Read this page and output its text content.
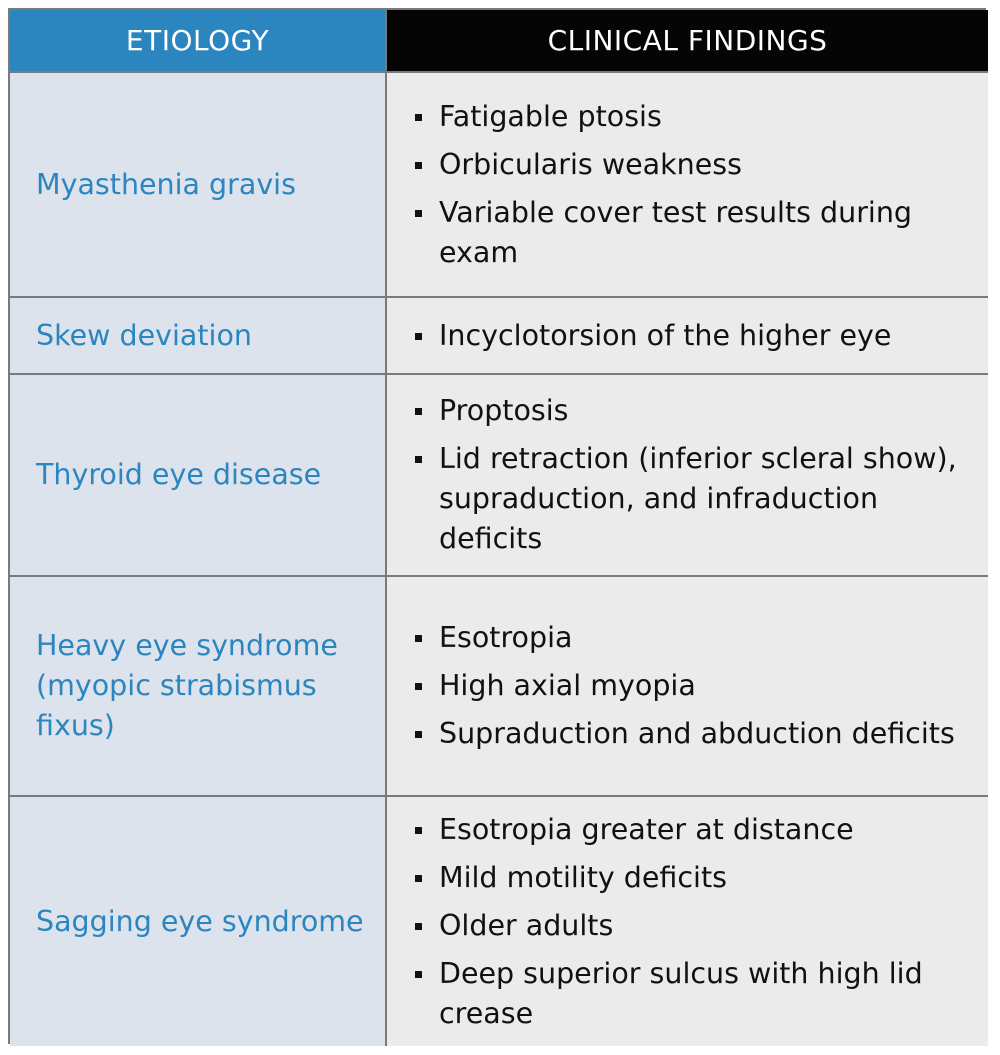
ETIOLOGY	CLINICAL FINDINGS
Myasthenia gravis
Fatigable ptosis
Orbicularis weakness
Variable cover test results during exam
Skew deviation	Incyclotorsion of the higher eye
Thyroid eye disease
Proptosis
Lid retraction (inferior scleral show), supraduction, and infraduction deficits
Heavy eye syndrome (myopic strabismus fixus)
Esotropia
High axial myopia
Supraduction and abduction deficits
Sagging eye syndrome
Esotropia greater at distance
Mild motility deficits
Older adults
Deep superior sulcus with high lid crease
